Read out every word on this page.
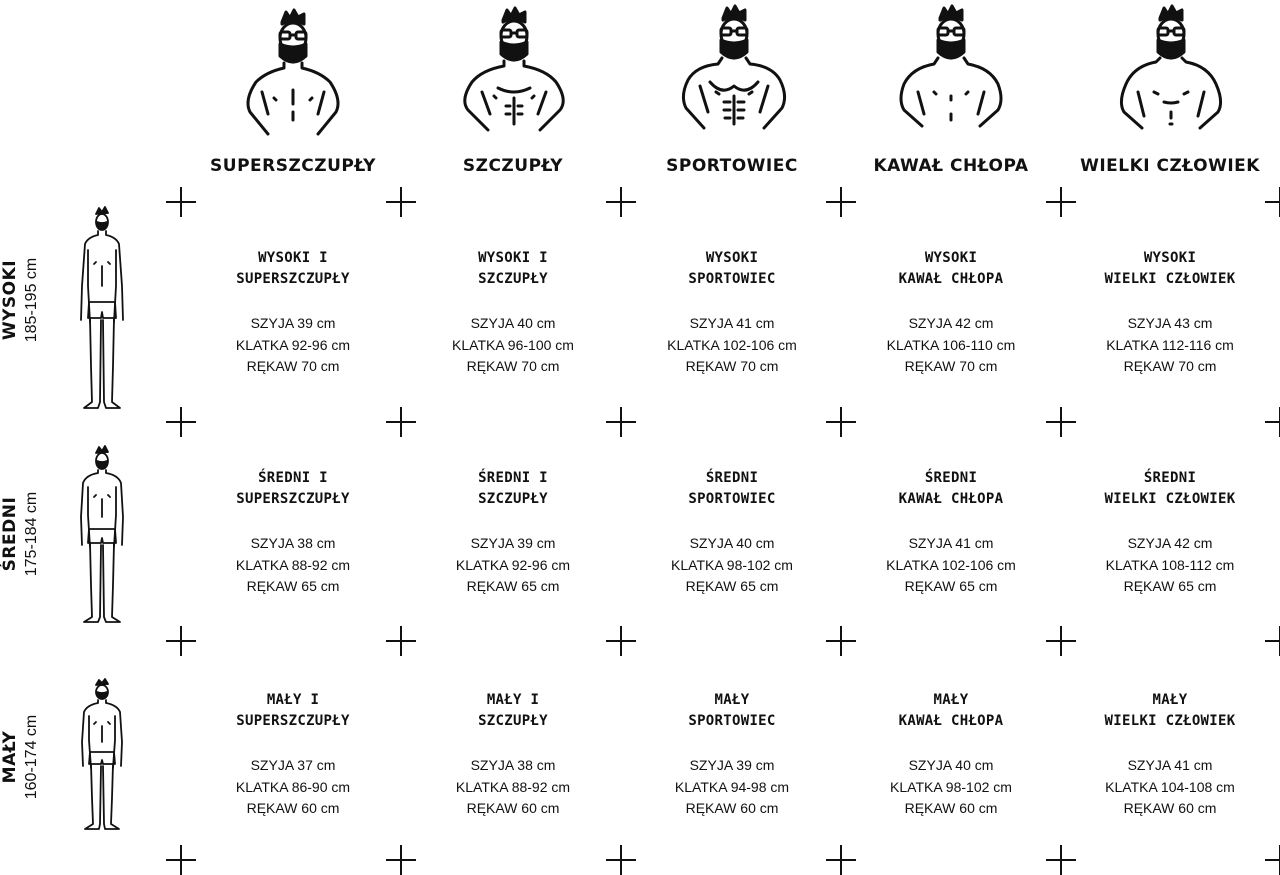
SUPERSZCZUPŁY	SZCZUPŁY	SPORTOWIEC	KAWAŁ CHŁOPA	WIELKI CZŁOWIEK
WYSOKI 185-195 cm
ŚREDNI 175-184 cm
MAŁY 160-174 cm
WYSOKI I
SUPERSZCZUPŁY
SZYJA 39 cm
KLATKA 92-96 cm
RĘKAW 70 cm
WYSOKI I
SZCZUPŁY
SZYJA 40 cm
KLATKA 96-100 cm
RĘKAW 70 cm
WYSOKI
SPORTOWIEC
SZYJA 41 cm
KLATKA 102-106 cm
RĘKAW 70 cm
WYSOKI
KAWAŁ CHŁOPA
SZYJA 42 cm
KLATKA 106-110 cm
RĘKAW 70 cm
WYSOKI
WIELKI CZŁOWIEK
SZYJA 43 cm
KLATKA 112-116 cm
RĘKAW 70 cm
ŚREDNI I
SUPERSZCZUPŁY
SZYJA 38 cm
KLATKA 88-92 cm
RĘKAW 65 cm
ŚREDNI I
SZCZUPŁY
SZYJA 39 cm
KLATKA 92-96 cm
RĘKAW 65 cm
ŚREDNI
SPORTOWIEC
SZYJA 40 cm
KLATKA 98-102 cm
RĘKAW 65 cm
ŚREDNI
KAWAŁ CHŁOPA
SZYJA 41 cm
KLATKA 102-106 cm
RĘKAW 65 cm
ŚREDNI
WIELKI CZŁOWIEK
SZYJA 42 cm
KLATKA 108-112 cm
RĘKAW 65 cm
MAŁY I
SUPERSZCZUPŁY
SZYJA 37 cm
KLATKA 86-90 cm
RĘKAW 60 cm
MAŁY I
SZCZUPŁY
SZYJA 38 cm
KLATKA 88-92 cm
RĘKAW 60 cm
MAŁY
SPORTOWIEC
SZYJA 39 cm
KLATKA 94-98 cm
RĘKAW 60 cm
MAŁY
KAWAŁ CHŁOPA
SZYJA 40 cm
KLATKA 98-102 cm
RĘKAW 60 cm
MAŁY
WIELKI CZŁOWIEK
SZYJA 41 cm
KLATKA 104-108 cm
RĘKAW 60 cm
